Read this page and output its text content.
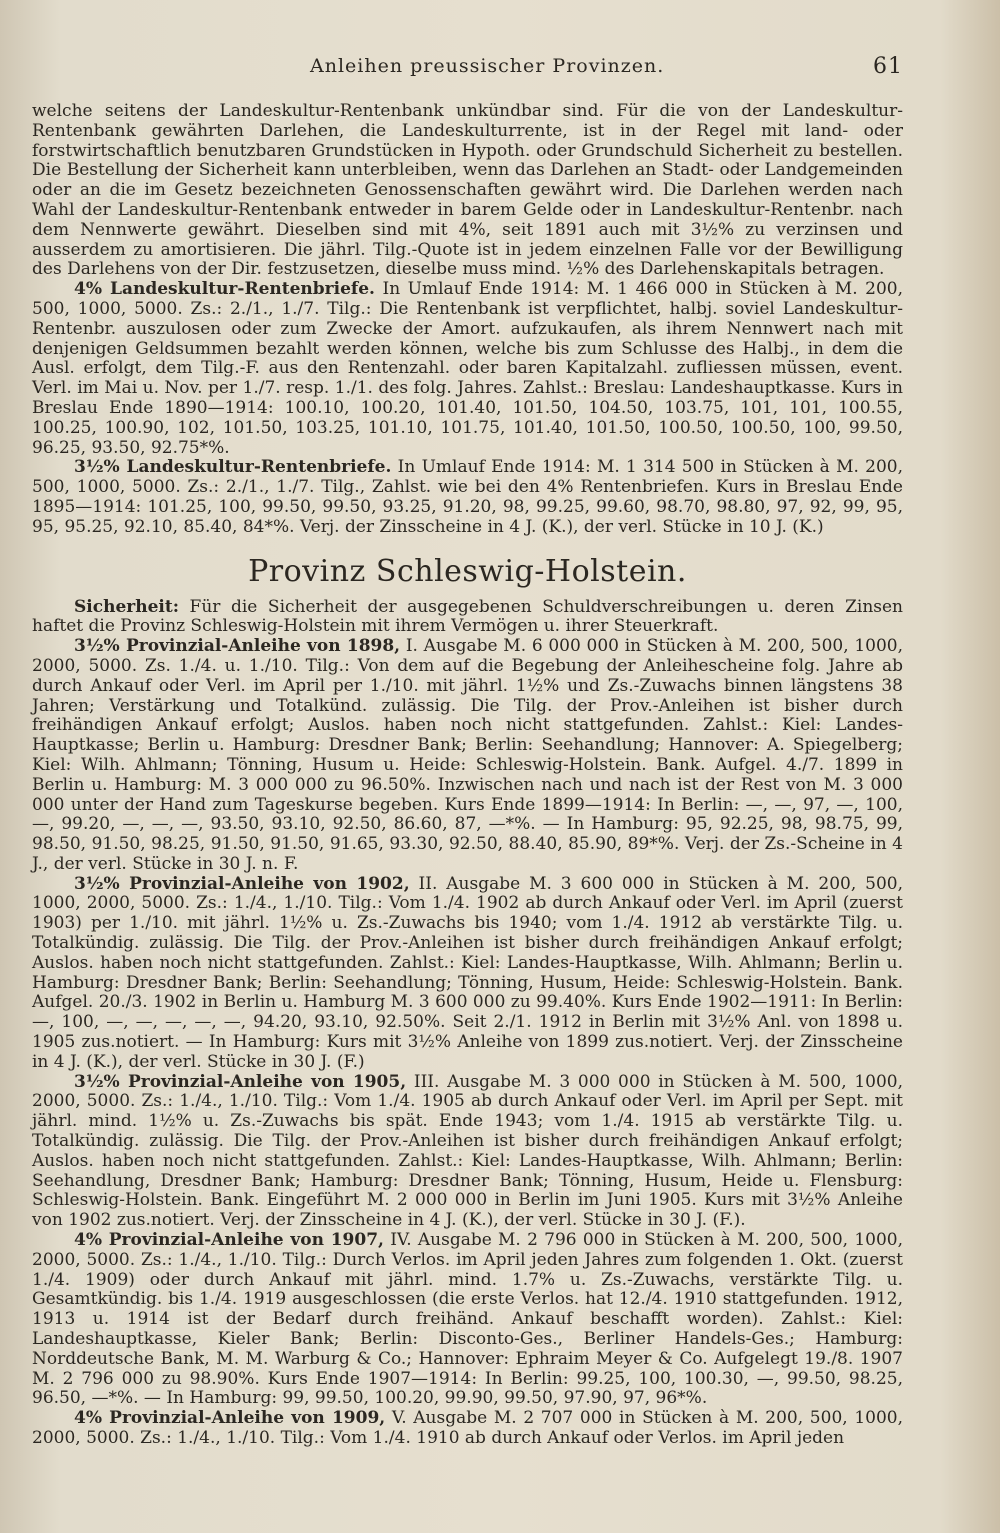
Anleihen preussischer Provinzen.	61

welche seitens der Landeskultur-Rentenbank unkündbar sind. Für die von der Landeskultur-Rentenbank gewährten Darlehen, die Landeskulturrente, ist in der Regel mit land- oder forstwirtschaftlich benutzbaren Grundstücken in Hypoth. oder Grundschuld Sicherheit zu bestellen. Die Bestellung der Sicherheit kann unterbleiben, wenn das Darlehen an Stadt- oder Landgemeinden oder an die im Gesetz bezeichneten Genossenschaften gewährt wird. Die Darlehen werden nach Wahl der Landeskultur-Rentenbank entweder in barem Gelde oder in Landeskultur-Rentenbr. nach dem Nennwerte gewährt. Dieselben sind mit 4%, seit 1891 auch mit 3½% zu verzinsen und ausserdem zu amortisieren. Die jährl. Tilg.-Quote ist in jedem einzelnen Falle vor der Bewilligung des Darlehens von der Dir. festzusetzen, dieselbe muss mind. ½% des Darlehenskapitals betragen.

4% Landeskultur-Rentenbriefe. In Umlauf Ende 1914: M. 1 466 000 in Stücken à M. 200, 500, 1000, 5000. Zs.: 2./1., 1./7. Tilg.: Die Rentenbank ist verpflichtet, halbj. soviel Landeskultur-Rentenbr. auszulosen oder zum Zwecke der Amort. aufzukaufen, als ihrem Nennwert nach mit denjenigen Geldsummen bezahlt werden können, welche bis zum Schlusse des Halbj., in dem die Ausl. erfolgt, dem Tilg.-F. aus den Rentenzahl. oder baren Kapitalzahl. zufliessen müssen, event. Verl. im Mai u. Nov. per 1./7. resp. 1./1. des folg. Jahres. Zahlst.: Breslau: Landeshauptkasse. Kurs in Breslau Ende 1890—1914: 100.10, 100.20, 101.40, 101.50, 104.50, 103.75, 101, 101, 100.55, 100.25, 100.90, 102, 101.50, 103.25, 101.10, 101.75, 101.40, 101.50, 100.50, 100.50, 100, 99.50, 96.25, 93.50, 92.75*%.

3½% Landeskultur-Rentenbriefe. In Umlauf Ende 1914: M. 1 314 500 in Stücken à M. 200, 500, 1000, 5000. Zs.: 2./1., 1./7. Tilg., Zahlst. wie bei den 4% Rentenbriefen. Kurs in Breslau Ende 1895—1914: 101.25, 100, 99.50, 99.50, 93.25, 91.20, 98, 99.25, 99.60, 98.70, 98.80, 97, 92, 99, 95, 95, 95.25, 92.10, 85.40, 84*%. Verj. der Zinsscheine in 4 J. (K.), der verl. Stücke in 10 J. (K.)

Provinz Schleswig-Holstein.

Sicherheit: Für die Sicherheit der ausgegebenen Schuldverschreibungen u. deren Zinsen haftet die Provinz Schleswig-Holstein mit ihrem Vermögen u. ihrer Steuerkraft.

3½% Provinzial-Anleihe von 1898, I. Ausgabe M. 6 000 000 in Stücken à M. 200, 500, 1000, 2000, 5000. Zs. 1./4. u. 1./10. Tilg.: Von dem auf die Begebung der Anleihescheine folg. Jahre ab durch Ankauf oder Verl. im April per 1./10. mit jährl. 1½% und Zs.-Zuwachs binnen längstens 38 Jahren; Verstärkung und Totalkünd. zulässig. Die Tilg. der Prov.-Anleihen ist bisher durch freihändigen Ankauf erfolgt; Auslos. haben noch nicht stattgefunden. Zahlst.: Kiel: Landes-Hauptkasse; Berlin u. Hamburg: Dresdner Bank; Berlin: Seehandlung; Hannover: A. Spiegelberg; Kiel: Wilh. Ahlmann; Tönning, Husum u. Heide: Schleswig-Holstein. Bank. Aufgel. 4./7. 1899 in Berlin u. Hamburg: M. 3 000 000 zu 96.50%. Inzwischen nach und nach ist der Rest von M. 3 000 000 unter der Hand zum Tageskurse begeben. Kurs Ende 1899—1914: In Berlin: —, —, 97, —, 100, —, 99.20, —, —, —, 93.50, 93.10, 92.50, 86.60, 87, —*%. — In Hamburg: 95, 92.25, 98, 98.75, 99, 98.50, 91.50, 98.25, 91.50, 91.50, 91.65, 93.30, 92.50, 88.40, 85.90, 89*%. Verj. der Zs.-Scheine in 4 J., der verl. Stücke in 30 J. n. F.

3½% Provinzial-Anleihe von 1902, II. Ausgabe M. 3 600 000 in Stücken à M. 200, 500, 1000, 2000, 5000. Zs.: 1./4., 1./10. Tilg.: Vom 1./4. 1902 ab durch Ankauf oder Verl. im April (zuerst 1903) per 1./10. mit jährl. 1½% u. Zs.-Zuwachs bis 1940; vom 1./4. 1912 ab verstärkte Tilg. u. Totalkündig. zulässig. Die Tilg. der Prov.-Anleihen ist bisher durch freihändigen Ankauf erfolgt; Auslos. haben noch nicht stattgefunden. Zahlst.: Kiel: Landes-Hauptkasse, Wilh. Ahlmann; Berlin u. Hamburg: Dresdner Bank; Berlin: Seehandlung; Tönning, Husum, Heide: Schleswig-Holstein. Bank. Aufgel. 20./3. 1902 in Berlin u. Hamburg M. 3 600 000 zu 99.40%. Kurs Ende 1902—1911: In Berlin: —, 100, —, —, —, —, —, 94.20, 93.10, 92.50%. Seit 2./1. 1912 in Berlin mit 3½% Anl. von 1898 u. 1905 zus.notiert. — In Hamburg: Kurs mit 3½% Anleihe von 1899 zus.notiert. Verj. der Zinsscheine in 4 J. (K.), der verl. Stücke in 30 J. (F.)

3½% Provinzial-Anleihe von 1905, III. Ausgabe M. 3 000 000 in Stücken à M. 500, 1000, 2000, 5000. Zs.: 1./4., 1./10. Tilg.: Vom 1./4. 1905 ab durch Ankauf oder Verl. im April per Sept. mit jährl. mind. 1½% u. Zs.-Zuwachs bis spät. Ende 1943; vom 1./4. 1915 ab verstärkte Tilg. u. Totalkündig. zulässig. Die Tilg. der Prov.-Anleihen ist bisher durch freihändigen Ankauf erfolgt; Auslos. haben noch nicht stattgefunden. Zahlst.: Kiel: Landes-Hauptkasse, Wilh. Ahlmann; Berlin: Seehandlung, Dresdner Bank; Hamburg: Dresdner Bank; Tönning, Husum, Heide u. Flensburg: Schleswig-Holstein. Bank. Eingeführt M. 2 000 000 in Berlin im Juni 1905. Kurs mit 3½% Anleihe von 1902 zus.notiert. Verj. der Zinsscheine in 4 J. (K.), der verl. Stücke in 30 J. (F.).

4% Provinzial-Anleihe von 1907, IV. Ausgabe M. 2 796 000 in Stücken à M. 200, 500, 1000, 2000, 5000. Zs.: 1./4., 1./10. Tilg.: Durch Verlos. im April jeden Jahres zum folgenden 1. Okt. (zuerst 1./4. 1909) oder durch Ankauf mit jährl. mind. 1.7% u. Zs.-Zuwachs, verstärkte Tilg. u. Gesamtkündig. bis 1./4. 1919 ausgeschlossen (die erste Verlos. hat 12./4. 1910 stattgefunden. 1912, 1913 u. 1914 ist der Bedarf durch freihänd. Ankauf beschafft worden). Zahlst.: Kiel: Landeshauptkasse, Kieler Bank; Berlin: Disconto-Ges., Berliner Handels-Ges.; Hamburg: Norddeutsche Bank, M. M. Warburg & Co.; Hannover: Ephraim Meyer & Co. Aufgelegt 19./8. 1907 M. 2 796 000 zu 98.90%. Kurs Ende 1907—1914: In Berlin: 99.25, 100, 100.30, —, 99.50, 98.25, 96.50, —*%. — In Hamburg: 99, 99.50, 100.20, 99.90, 99.50, 97.90, 97, 96*%.

4% Provinzial-Anleihe von 1909, V. Ausgabe M. 2 707 000 in Stücken à M. 200, 500, 1000, 2000, 5000. Zs.: 1./4., 1./10. Tilg.: Vom 1./4. 1910 ab durch Ankauf oder Verlos. im April jeden
